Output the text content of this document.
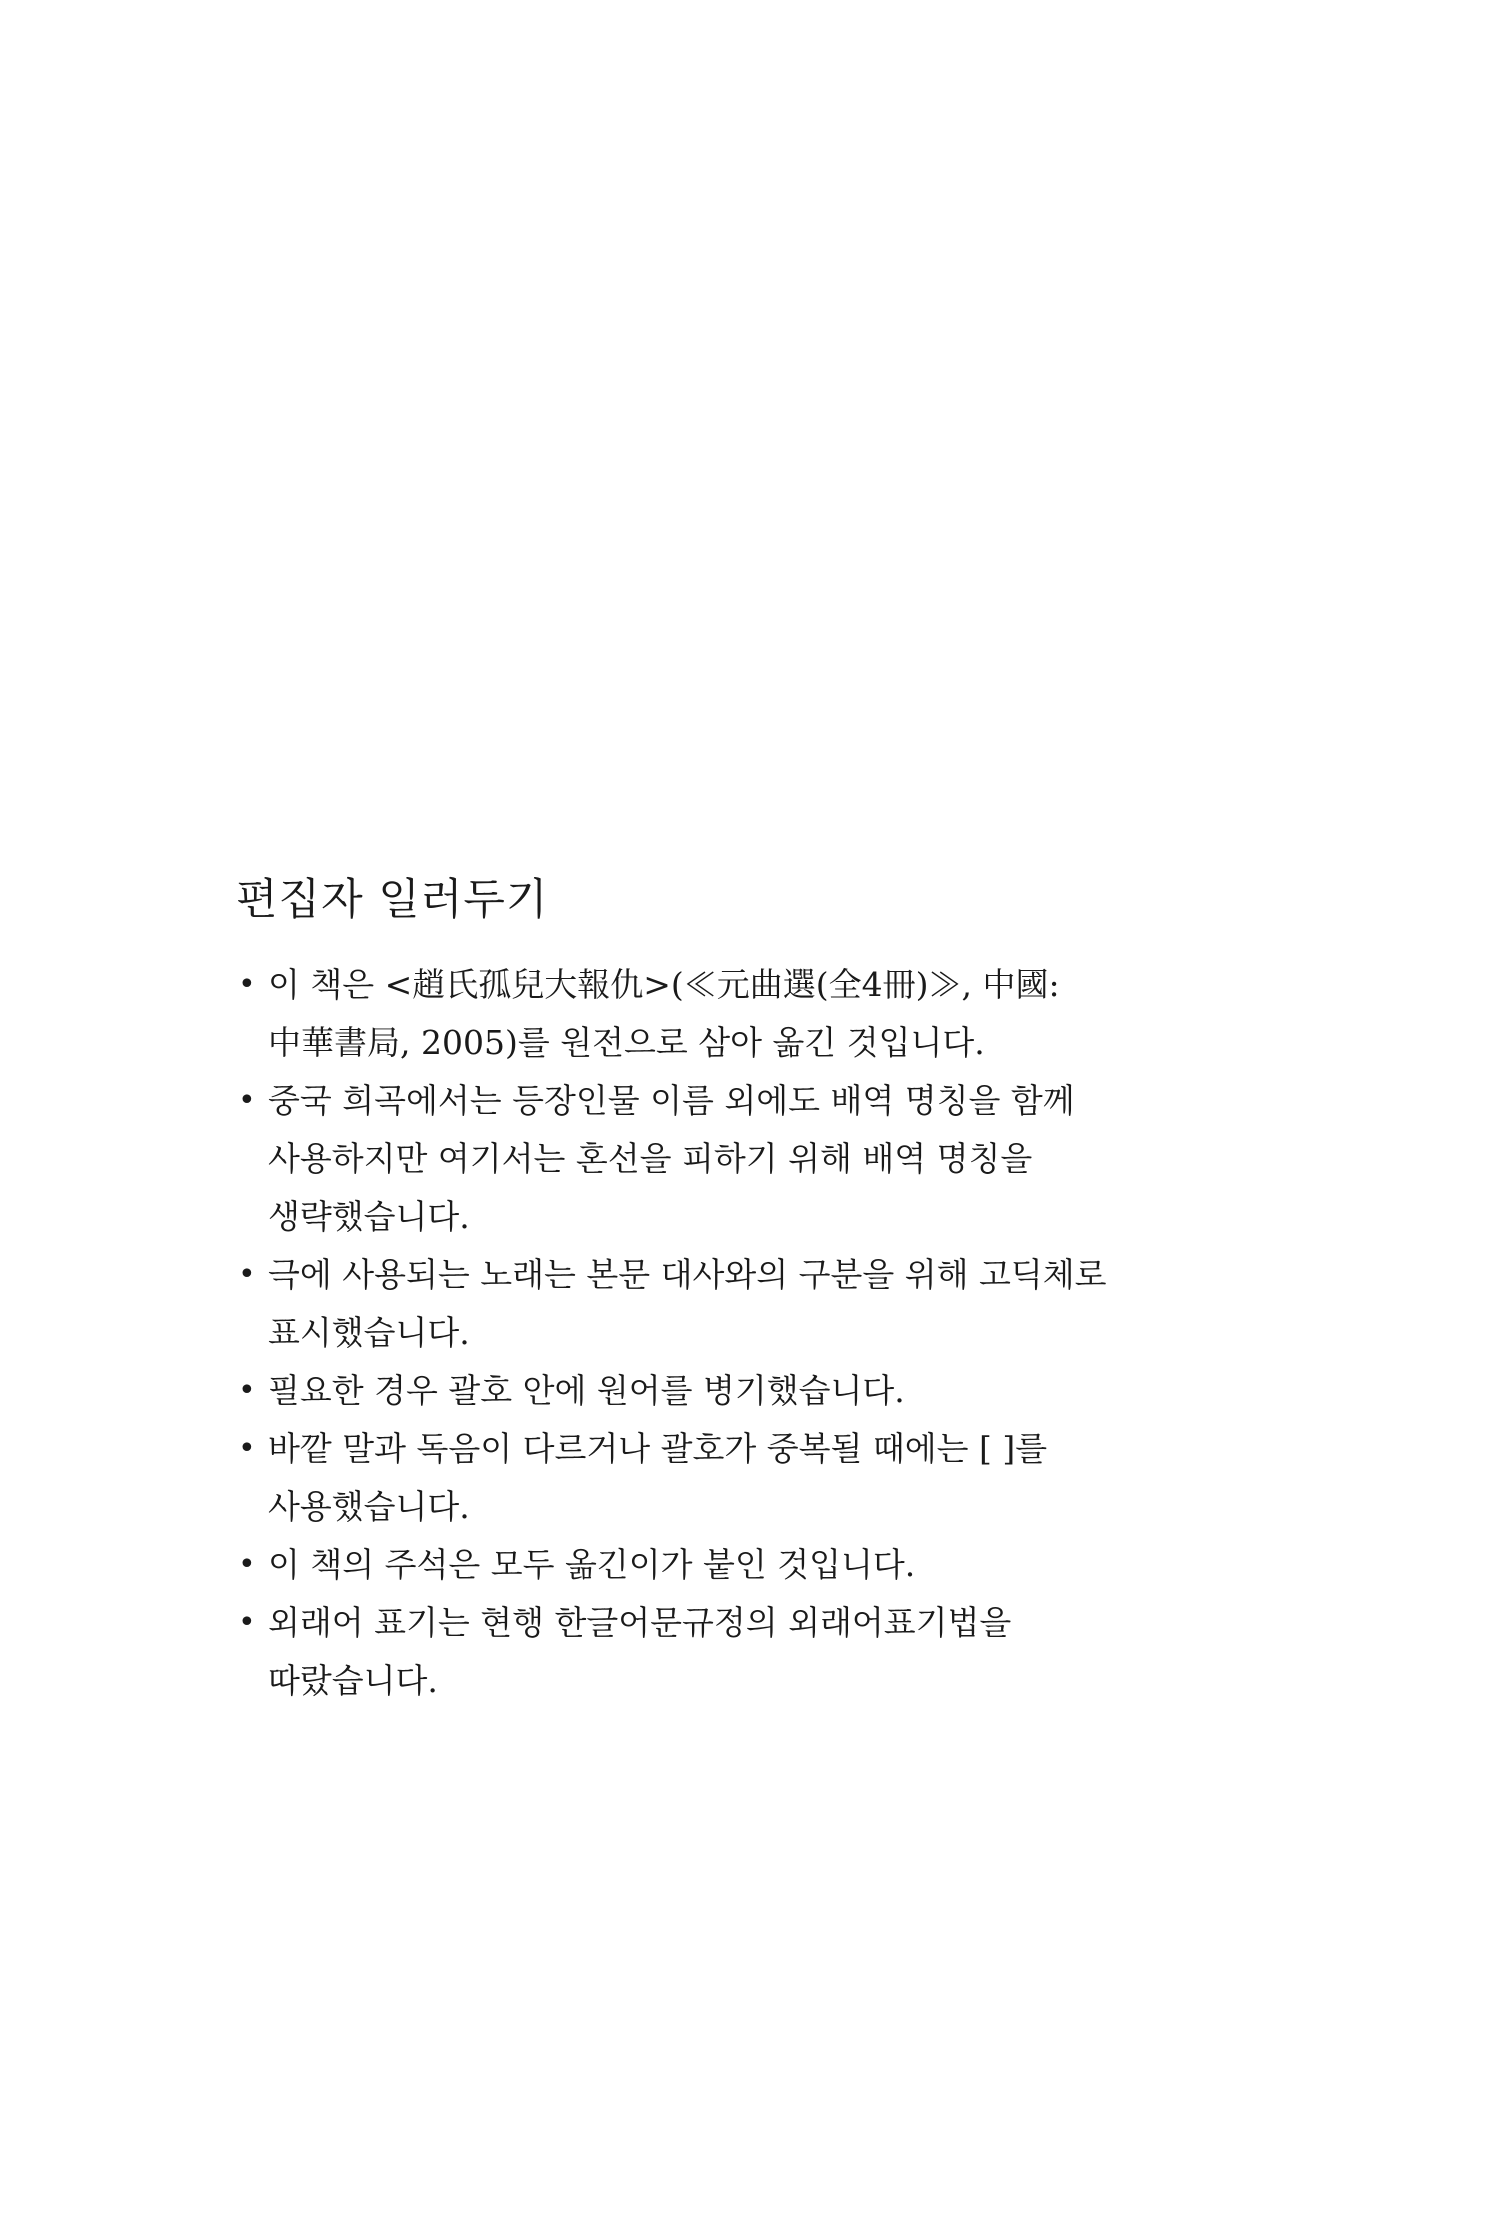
편집자 일러두기
• 이 책은 <趙氏孤兒大報仇>(≪元曲選(全4冊)≫, 中國:
中華書局, 2005)를 원전으로 삼아 옮긴 것입니다.
• 중국 희곡에서는 등장인물 이름 외에도 배역 명칭을 함께
사용하지만 여기서는 혼선을 피하기 위해 배역 명칭을
생략했습니다.
• 극에 사용되는 노래는 본문 대사와의 구분을 위해 고딕체로
표시했습니다.
• 필요한 경우 괄호 안에 원어를 병기했습니다.
• 바깥 말과 독음이 다르거나 괄호가 중복될 때에는 [ ]를
사용했습니다.
• 이 책의 주석은 모두 옮긴이가 붙인 것입니다.
• 외래어 표기는 현행 한글어문규정의 외래어표기법을
따랐습니다.
